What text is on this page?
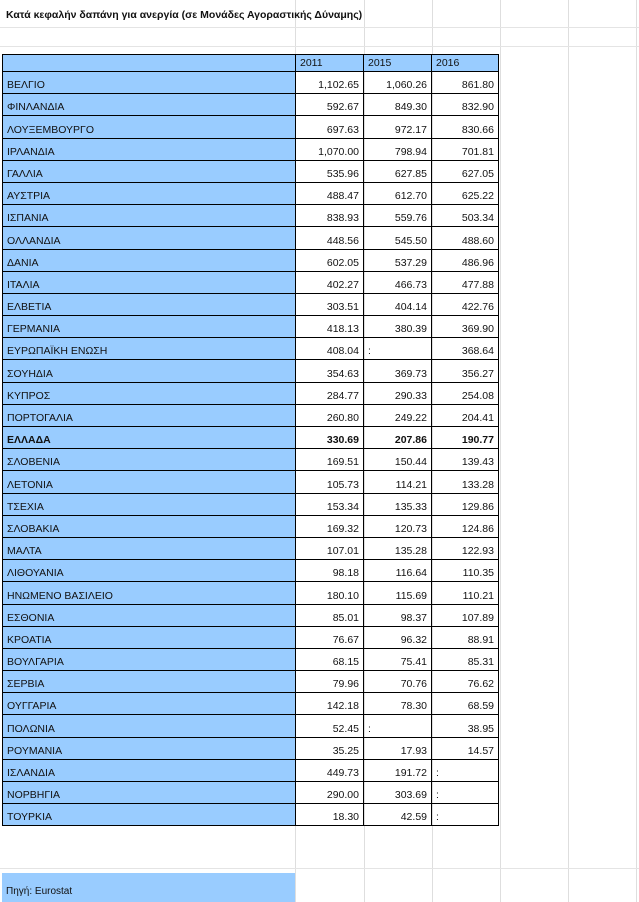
Κατά κεφαλήν δαπάνη για ανεργία (σε Μονάδες Αγοραστικής Δύναμης)
	2011	2015	2016
ΒΕΛΓΙΟ	1,102.65	1,060.26	861.80
ΦΙΝΛΑΝΔΙΑ	592.67	849.30	832.90
ΛΟΥΞΕΜΒΟΥΡΓΟ	697.63	972.17	830.66
ΙΡΛΑΝΔΙΑ	1,070.00	798.94	701.81
ΓΑΛΛΙΑ	535.96	627.85	627.05
ΑΥΣΤΡΙΑ	488.47	612.70	625.22
ΙΣΠΑΝΙΑ	838.93	559.76	503.34
ΟΛΛΑΝΔΙΑ	448.56	545.50	488.60
ΔΑΝΙΑ	602.05	537.29	486.96
ΙΤΑΛΙΑ	402.27	466.73	477.88
ΕΛΒΕΤΙΑ	303.51	404.14	422.76
ΓΕΡΜΑΝΙΑ	418.13	380.39	369.90
ΕΥΡΩΠΑΪΚΗ ΕΝΩΣΗ	408.04	:	368.64
ΣΟΥΗΔΙΑ	354.63	369.73	356.27
ΚΥΠΡΟΣ	284.77	290.33	254.08
ΠΟΡΤΟΓΑΛΙΑ	260.80	249.22	204.41
ΕΛΛΑΔΑ	330.69	207.86	190.77
ΣΛΟΒΕΝΙΑ	169.51	150.44	139.43
ΛΕΤΟΝΙΑ	105.73	114.21	133.28
ΤΣΕΧΙΑ	153.34	135.33	129.86
ΣΛΟΒΑΚΙΑ	169.32	120.73	124.86
ΜΑΛΤΑ	107.01	135.28	122.93
ΛΙΘΟΥΑΝΙΑ	98.18	116.64	110.35
ΗΝΩΜΕΝΟ ΒΑΣΙΛΕΙΟ	180.10	115.69	110.21
ΕΣΘΟΝΙΑ	85.01	98.37	107.89
ΚΡΟΑΤΙΑ	76.67	96.32	88.91
ΒΟΥΛΓΑΡΙΑ	68.15	75.41	85.31
ΣΕΡΒΙΑ	79.96	70.76	76.62
ΟΥΓΓΑΡΙΑ	142.18	78.30	68.59
ΠΟΛΩΝΙΑ	52.45	:	38.95
ΡΟΥΜΑΝΙΑ	35.25	17.93	14.57
ΙΣΛΑΝΔΙΑ	449.73	191.72	:
ΝΟΡΒΗΓΙΑ	290.00	303.69	:
ΤΟΥΡΚΙΑ	18.30	42.59	:
Πηγή: Eurostat
